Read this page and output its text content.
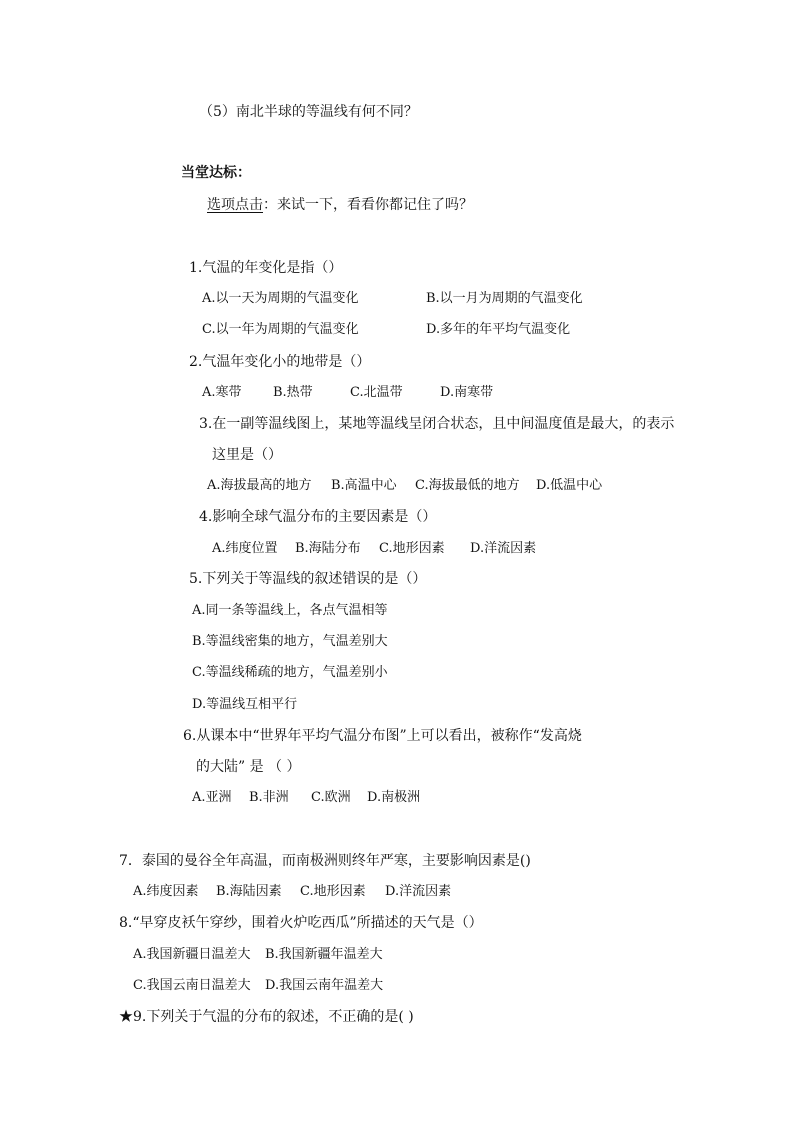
（5）南北半球的等温线有何不同？
当堂达标：
选项点击：来试一下，看看你都记住了吗？
1.气温的年变化是指（）
A.以一天为周期的气温变化	B.以一月为周期的气温变化
C.以一年为周期的气温变化	D.多年的年平均气温变化
2.气温年变化小的地带是（）
A.寒带 B.热带	C.北温带	D.南寒带
3.在一副等温线图上，某地等温线呈闭合状态，且中间温度值是最大，的表示
这里是（）
A.海拔最高的地方 B.高温中心 C.海拔最低的地方 D.低温中心
4.影响全球气温分布的主要因素是（）
A.纬度位置 B.海陆分布 C.地形因素 D.洋流因素
5.下列关于等温线的叙述错误的是（）
A.同一条等温线上，各点气温相等
B.等温线密集的地方，气温差别大
C.等温线稀疏的地方，气温差别小
D.等温线互相平行
6.从课本中“世界年平均气温分布图”上可以看出，被称作“发高烧
的大陆” 是 （ ）
A.亚洲 B.非洲 C.欧洲 D.南极洲
7．泰国的曼谷全年高温，而南极洲则终年严寒，主要影响因素是()
A.纬度因素 B.海陆因素 C.地形因素 D.洋流因素
8.“早穿皮袄午穿纱，围着火炉吃西瓜”所描述的天气是（）
A.我国新疆日温差大 B.我国新疆年温差大
C.我国云南日温差大 D.我国云南年温差大
★9.下列关于气温的分布的叙述，不正确的是( )
